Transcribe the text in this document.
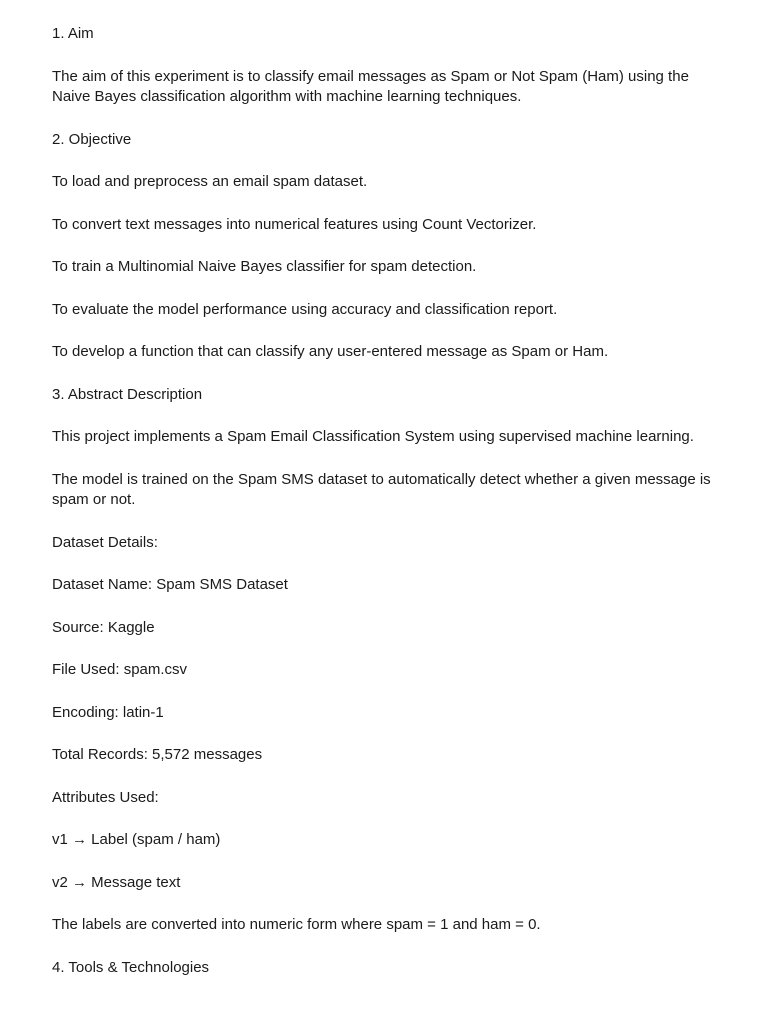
1. Aim

The aim of this experiment is to classify email messages as Spam or Not Spam (Ham) using the Naive Bayes classification algorithm with machine learning techniques.

2. Objective

To load and preprocess an email spam dataset.

To convert text messages into numerical features using Count Vectorizer.

To train a Multinomial Naive Bayes classifier for spam detection.

To evaluate the model performance using accuracy and classification report.

To develop a function that can classify any user-entered message as Spam or Ham.

3. Abstract Description

This project implements a Spam Email Classification System using supervised machine learning.

The model is trained on the Spam SMS dataset to automatically detect whether a given message is spam or not.

Dataset Details:

Dataset Name: Spam SMS Dataset

Source: Kaggle

File Used: spam.csv

Encoding: latin-1

Total Records: 5,572 messages

Attributes Used:

v1 → Label (spam / ham)

v2 → Message text

The labels are converted into numeric form where spam = 1 and ham = 0.

4. Tools & Technologies
